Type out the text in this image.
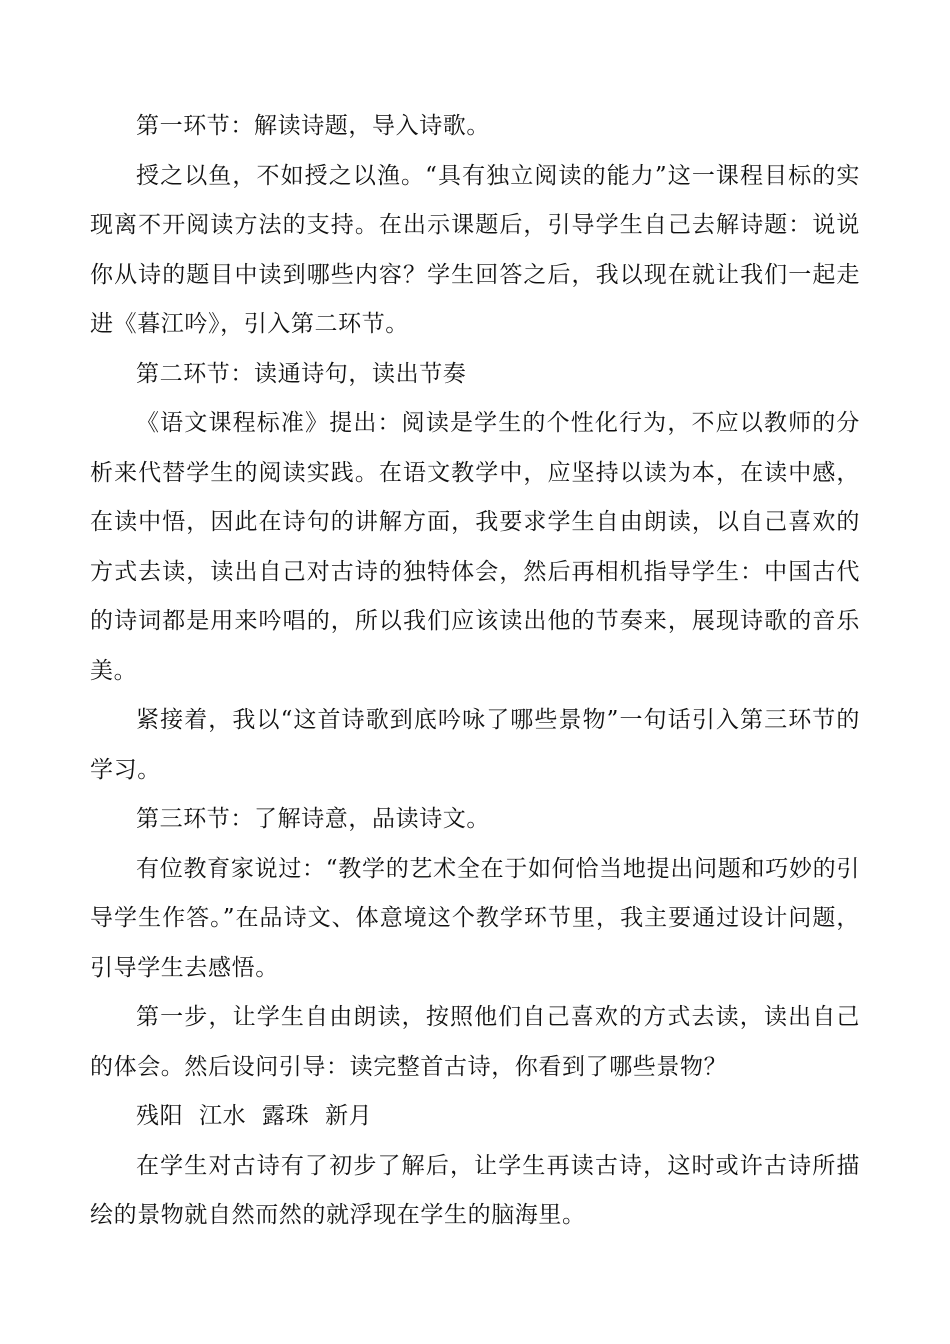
第一环节：解读诗题，导入诗歌。

授之以鱼，不如授之以渔。“具有独立阅读的能力”这一课程目标的实现离不开阅读方法的支持。在出示课题后，引导学生自己去解诗题：说说你从诗的题目中读到哪些内容？学生回答之后，我以现在就让我们一起走进《暮江吟》，引入第二环节。

第二环节：读通诗句，读出节奏

《语文课程标准》提出：阅读是学生的个性化行为，不应以教师的分析来代替学生的阅读实践。在语文教学中，应坚持以读为本，在读中感，在读中悟，因此在诗句的讲解方面，我要求学生自由朗读，以自己喜欢的方式去读，读出自己对古诗的独特体会，然后再相机指导学生：中国古代的诗词都是用来吟唱的，所以我们应该读出他的节奏来，展现诗歌的音乐美。

紧接着，我以“这首诗歌到底吟咏了哪些景物”一句话引入第三环节的学习。

第三环节：了解诗意，品读诗文。

有位教育家说过：“教学的艺术全在于如何恰当地提出问题和巧妙的引导学生作答。”在品诗文、体意境这个教学环节里，我主要通过设计问题，引导学生去感悟。

第一步，让学生自由朗读，按照他们自己喜欢的方式去读，读出自己的体会。然后设问引导：读完整首古诗，你看到了哪些景物？

残阳  江水  露珠  新月

在学生对古诗有了初步了解后，让学生再读古诗，这时或许古诗所描绘的景物就自然而然的就浮现在学生的脑海里。
